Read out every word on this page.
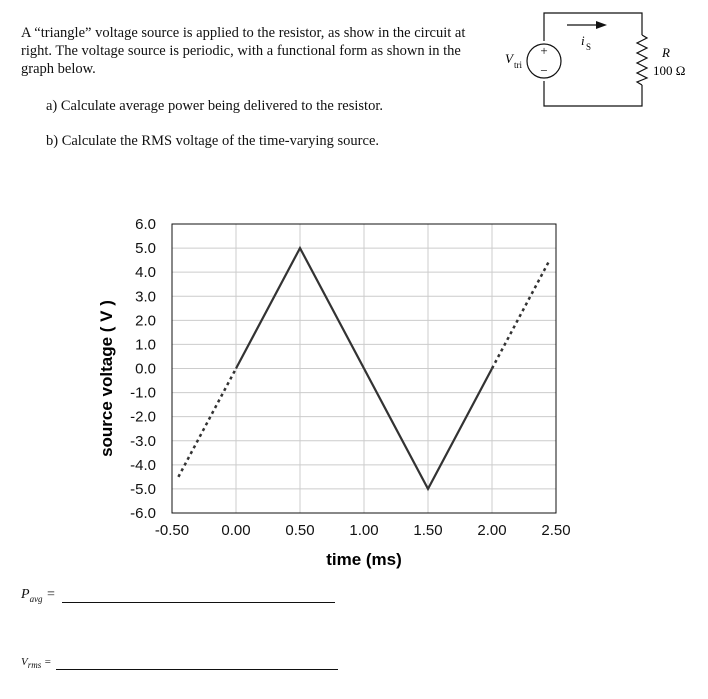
A “triangle” voltage source is applied to the resistor, as show in the circuit at right. The voltage source is periodic, with a functional form as shown in the graph below.
a) Calculate average power being delivered to the resistor.
b) Calculate the RMS voltage of the time-varying source.
+
−
V tri
R
100 Ω
i S
-0.50 0.00 0.50 1.00 1.50 2.00 2.50
6.0
5.0
4.0
3.0
2.0
1.0
0.0
-1.0
-2.0
-3.0
-4.0
-5.0
-6.0
time (ms)
source voltage ( V )
$P_{avg}$ =
$V_{rms}$ =
